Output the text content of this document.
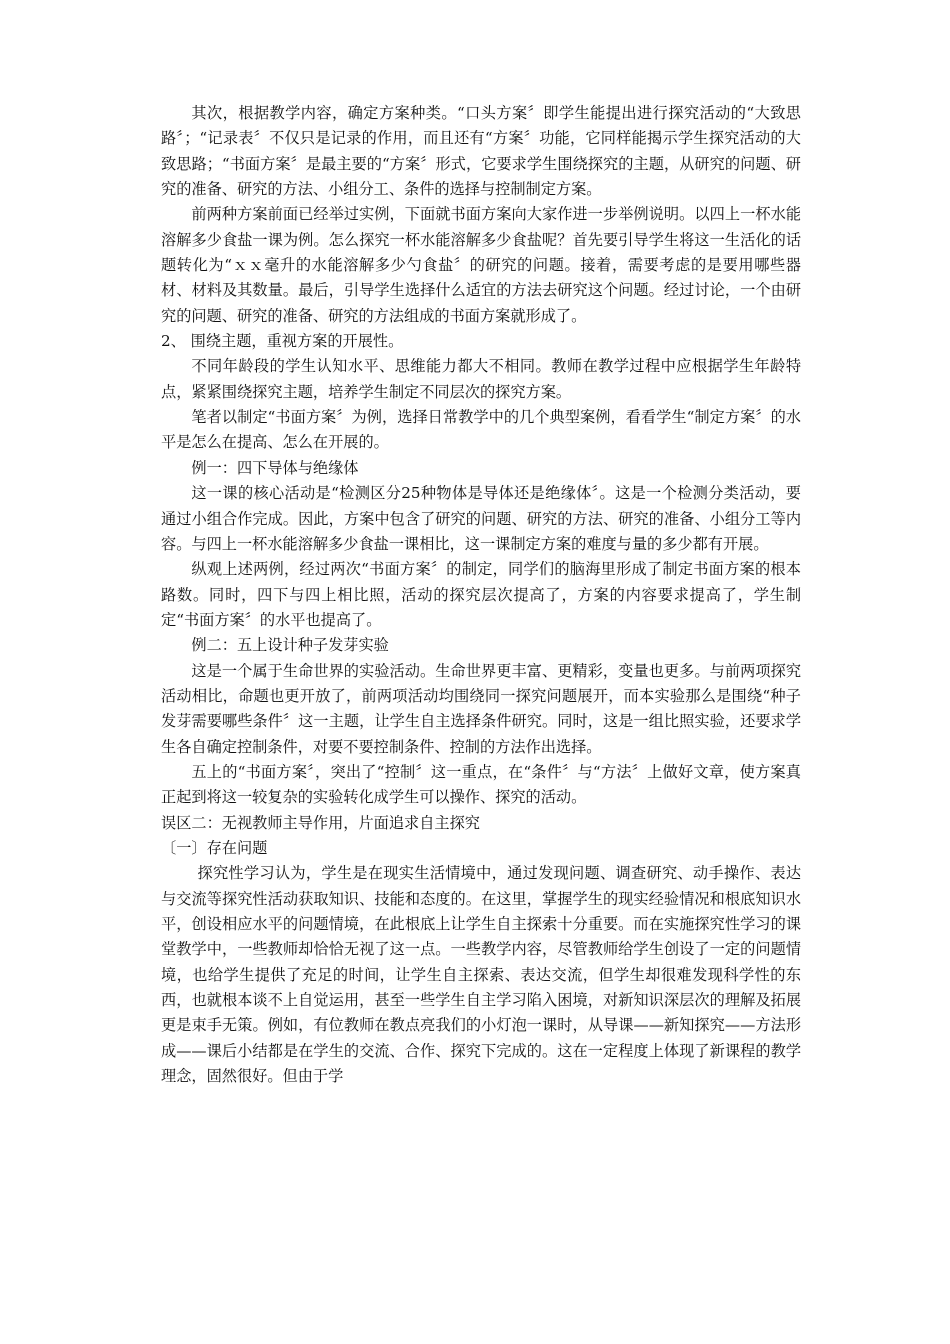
其次，根据教学内容，确定方案种类。“口头方案〞即学生能提出进行探究活动的“大致思路〞；“记录表〞不仅只是记录的作用，而且还有“方案〞功能，它同样能揭示学生探究活动的大致思路；“书面方案〞是最主要的“方案〞形式，它要求学生围绕探究的主题，从研究的问题、研究的准备、研究的方法、小组分工、条件的选择与控制制定方案。

前两种方案前面已经举过实例，下面就书面方案向大家作进一步举例说明。以四上一杯水能溶解多少食盐一课为例。怎么探究一杯水能溶解多少食盐呢？首先要引导学生将这一生活化的话题转化为“ｘｘ毫升的水能溶解多少勺食盐〞的研究的问题。接着，需要考虑的是要用哪些器材、材料及其数量。最后，引导学生选择什么适宜的方法去研究这个问题。经过讨论，一个由研究的问题、研究的准备、研究的方法组成的书面方案就形成了。

2、 围绕主题，重视方案的开展性。

不同年龄段的学生认知水平、思维能力都大不相同。教师在教学过程中应根据学生年龄特点，紧紧围绕探究主题，培养学生制定不同层次的探究方案。

笔者以制定“书面方案〞为例，选择日常教学中的几个典型案例，看看学生“制定方案〞的水平是怎么在提高、怎么在开展的。

例一：四下导体与绝缘体

这一课的核心活动是“检测区分25种物体是导体还是绝缘体〞。这是一个检测分类活动，要通过小组合作完成。因此，方案中包含了研究的问题、研究的方法、研究的准备、小组分工等内容。与四上一杯水能溶解多少食盐一课相比，这一课制定方案的难度与量的多少都有开展。

纵观上述两例，经过两次“书面方案〞的制定，同学们的脑海里形成了制定书面方案的根本路数。同时，四下与四上相比照，活动的探究层次提高了，方案的内容要求提高了，学生制定“书面方案〞的水平也提高了。

例二：五上设计种子发芽实验

这是一个属于生命世界的实验活动。生命世界更丰富、更精彩，变量也更多。与前两项探究活动相比，命题也更开放了，前两项活动均围绕同一探究问题展开，而本实验那么是围绕“种子发芽需要哪些条件〞这一主题，让学生自主选择条件研究。同时，这是一组比照实验，还要求学生各自确定控制条件，对要不要控制条件、控制的方法作出选择。

五上的“书面方案〞，突出了“控制〞这一重点，在“条件〞与“方法〞上做好文章，使方案真正起到将这一较复杂的实验转化成学生可以操作、探究的活动。

误区二：无视教师主导作用，片面追求自主探究

〔一〕存在问题

探究性学习认为，学生是在现实生活情境中，通过发现问题、调查研究、动手操作、表达与交流等探究性活动获取知识、技能和态度的。在这里，掌握学生的现实经验情况和根底知识水平，创设相应水平的问题情境，在此根底上让学生自主探索十分重要。而在实施探究性学习的课堂教学中，一些教师却恰恰无视了这一点。一些教学内容，尽管教师给学生创设了一定的问题情境，也给学生提供了充足的时间，让学生自主探索、表达交流，但学生却很难发现科学性的东西，也就根本谈不上自觉运用，甚至一些学生自主学习陷入困境，对新知识深层次的理解及拓展更是束手无策。例如，有位教师在教点亮我们的小灯泡一课时，从导课——新知探究——方法形成——课后小结都是在学生的交流、合作、探究下完成的。这在一定程度上体现了新课程的教学理念，固然很好。但由于学
